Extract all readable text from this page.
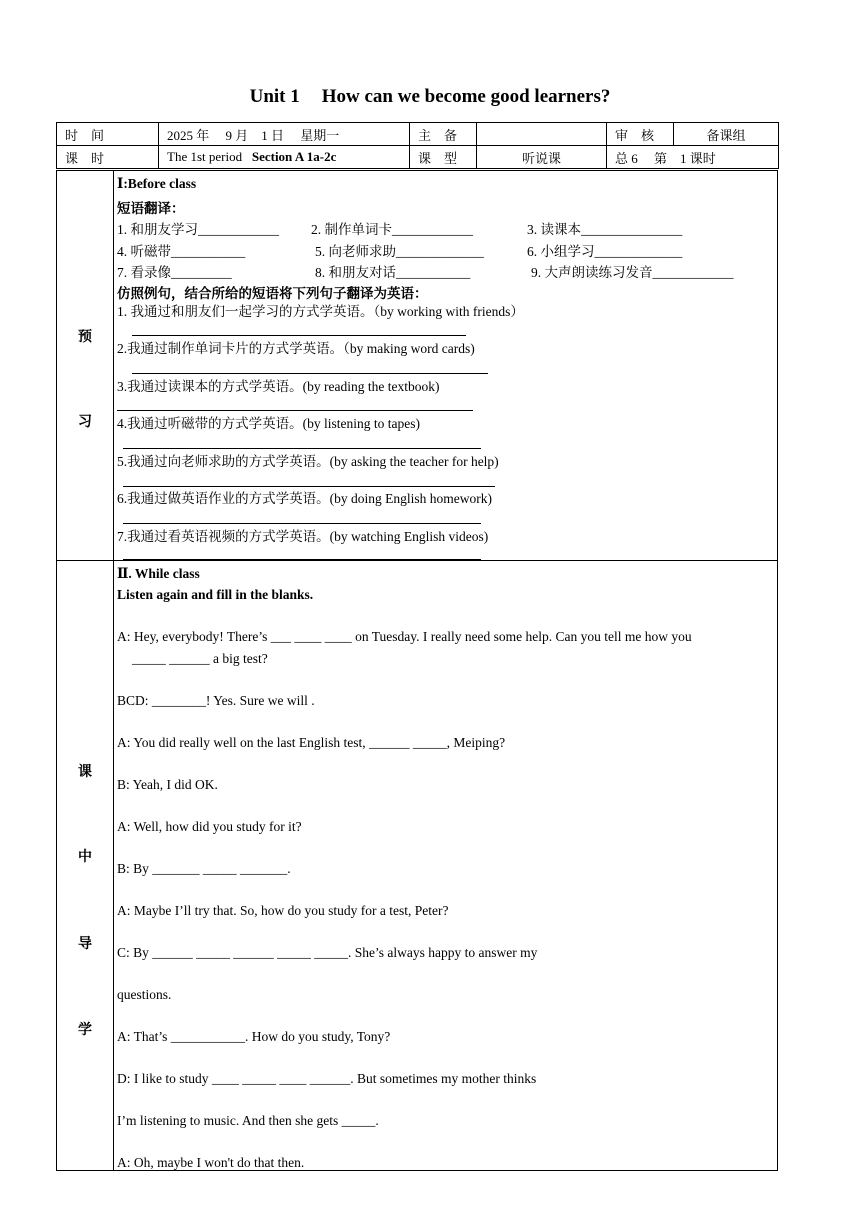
Unit 1 How can we become good learners?
时　间	2025 年　 9 月　1 日　 星期一	主　备		审　核	备课组
课　时	The 1st period Section A 1a-2c	课　型	听说课	总 6　 第　1 课时	
预
习
Ⅰ:Before class
短语翻译：
1. 和朋友学习____________ 2. 制作单词卡____________	3. 读课本_______________
4. 听磁带___________	5. 向老师求助_____________	6. 小组学习_____________
7. 看录像_________	8. 和朋友对话___________	9. 大声朗读练习发音____________
仿照例句，结合所给的短语将下列句子翻译为英语：
1. 我通过和朋友们一起学习的方式学英语。（by working with friends）
2.我通过制作单词卡片的方式学英语。（by making word cards)
3.我通过读课本的方式学英语。(by reading the textbook)
4.我通过听磁带的方式学英语。(by listening to tapes)
5.我通过向老师求助的方式学英语。(by asking the teacher for help)
6.我通过做英语作业的方式学英语。(by doing English homework)
7.我通过看英语视频的方式学英语。(by watching English videos)
课
中
导
学
Ⅱ. While class
Listen again and fill in the blanks.
A: Hey, everybody! There’s ___ ____ ____ on Tuesday. I really need some help. Can you tell me how you
_____ ______ a big test?
BCD: ________! Yes. Sure we will .
A: You did really well on the last English test, ______ _____, Meiping?
B: Yeah, I did OK.
A: Well, how did you study for it?
B: By _______ _____ _______.
A: Maybe I’ll try that. So, how do you study for a test, Peter?
C: By ______ _____ ______ _____ _____. She’s always happy to answer my
questions.
A: That’s ___________. How do you study, Tony?
D: I like to study ____ _____ ____ ______. But sometimes my mother thinks
I’m listening to music. And then she gets _____.
A: Oh, maybe I won't do that then.
